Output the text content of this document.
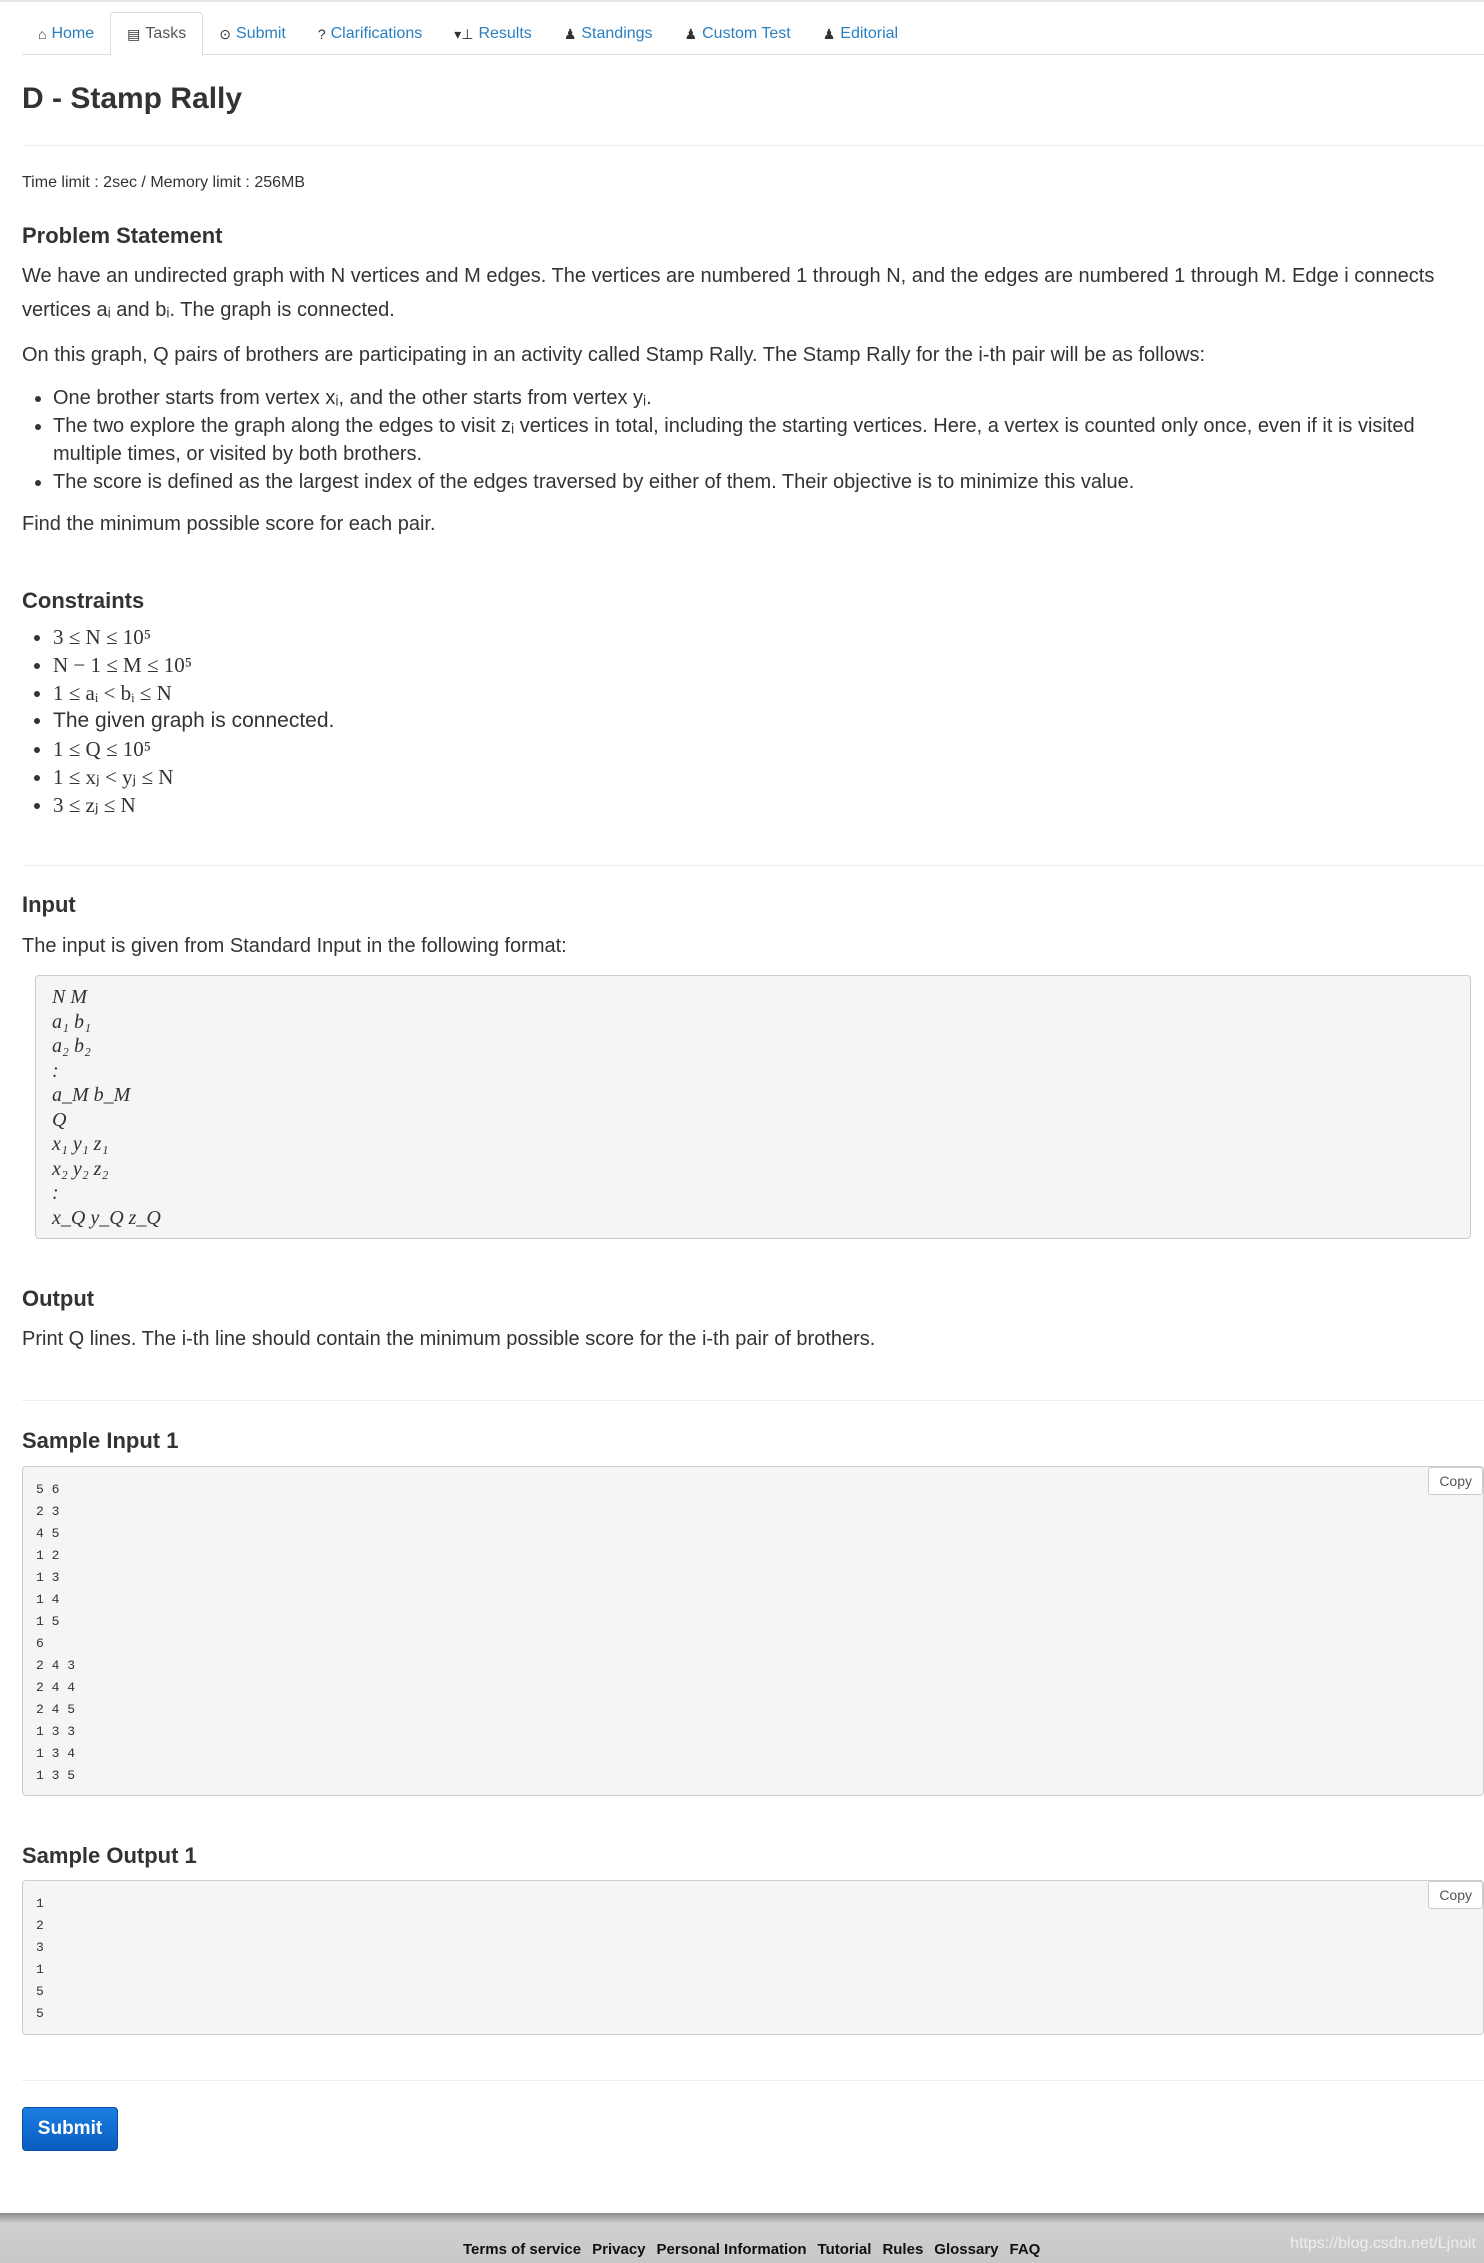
⌂ Home ▤ Tasks ⊙ Submit ? Clarifications ▾⊥ Results ♟ Standings ♟ Custom Test ♟ Editorial
D - Stamp Rally
Time limit : 2sec / Memory limit : 256MB
Problem Statement
We have an undirected graph with N vertices and M edges. The vertices are numbered 1 through N, and the edges are numbered 1 through M. Edge i connects
vertices aᵢ and bᵢ. The graph is connected.
On this graph, Q pairs of brothers are participating in an activity called Stamp Rally. The Stamp Rally for the i-th pair will be as follows:
• One brother starts from vertex xᵢ, and the other starts from vertex yᵢ.
• The two explore the graph along the edges to visit zᵢ vertices in total, including the starting vertices. Here, a vertex is counted only once, even if it is visited multiple times, or visited by both brothers.
• The score is defined as the largest index of the edges traversed by either of them. Their objective is to minimize this value.
Find the minimum possible score for each pair.
Constraints
• 3 ≤ N ≤ 10⁵
• N − 1 ≤ M ≤ 10⁵
• 1 ≤ aᵢ < bᵢ ≤ N
• The given graph is connected.
• 1 ≤ Q ≤ 10⁵
• 1 ≤ xⱼ < yⱼ ≤ N
• 3 ≤ zⱼ ≤ N
Input
The input is given from Standard Input in the following format:
N M
a₁ b₁
a₂ b₂
:
a_M b_M
Q
x₁ y₁ z₁
x₂ y₂ z₂
:
x_Q y_Q z_Q
Output
Print Q lines. The i-th line should contain the minimum possible score for the i-th pair of brothers.
Sample Input 1
5 6
2 3
4 5
1 2
1 3
1 4
1 5
6
2 4 3
2 4 4
2 4 5
1 3 3
1 3 4
1 3 5
Copy
Sample Output 1
1
2
3
1
5
5
Copy
Submit
Terms of service Privacy Personal Information Tutorial Rules Glossary FAQ	https://blog.csdn.net/Ljnoit
